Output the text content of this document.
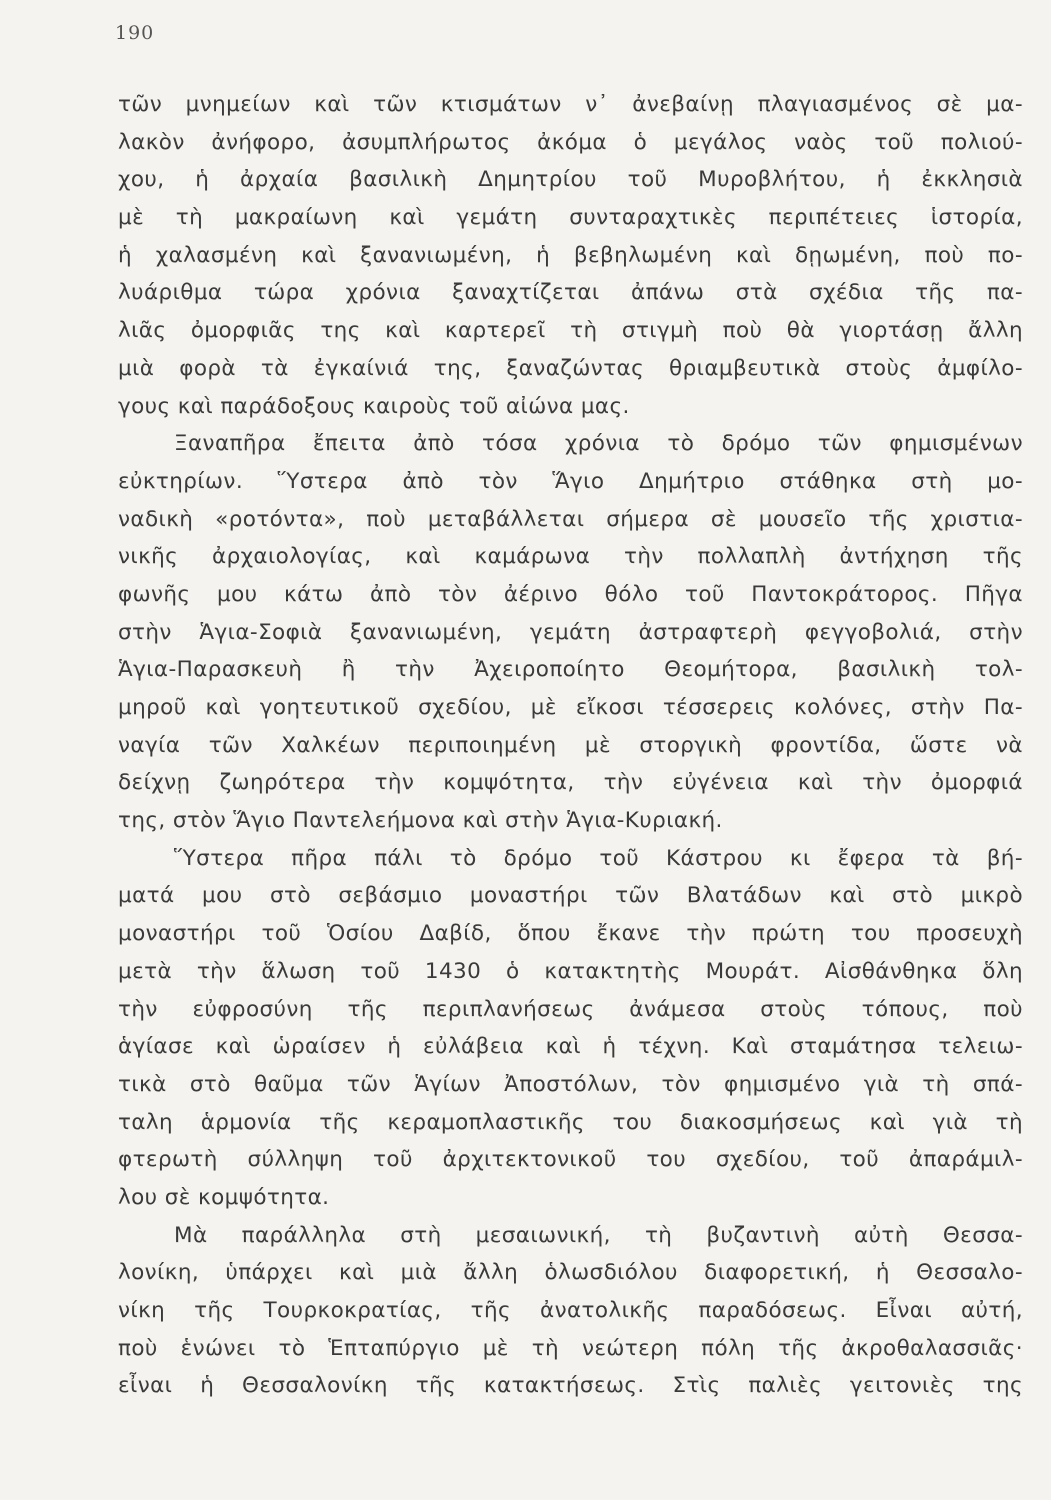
190
τῶν μνημείων καὶ τῶν κτισμάτων ν᾽ ἀνεβαίνῃ πλαγιασμένος σὲ μα-
λακὸν ἀνήφορο, ἀσυμπλήρωτος ἀκόμα ὁ μεγάλος ναὸς τοῦ πολιού-
χου, ἡ ἀρχαία βασιλικὴ Δημητρίου τοῦ Μυροβλήτου, ἡ ἐκκλησιὰ
μὲ τὴ μακραίωνη καὶ γεμάτη συνταραχτικὲς περιπέτειες ἱστορία,
ἡ χαλασμένη καὶ ξανανιωμένη, ἡ βεβηλωμένη καὶ δῃωμένη, ποὺ πο-
λυάριθμα τώρα χρόνια ξαναχτίζεται ἀπάνω στὰ σχέδια τῆς πα-
λιᾶς ὀμορφιᾶς της καὶ καρτερεῖ τὴ στιγμὴ ποὺ θὰ γιορτάσῃ ἄλλη
μιὰ φορὰ τὰ ἐγκαίνιά της, ξαναζώντας θριαμβευτικὰ στοὺς ἀμφίλο-
γους καὶ παράδοξους καιροὺς τοῦ αἰώνα μας.
Ξαναπῆρα ἔπειτα ἀπὸ τόσα χρόνια τὸ δρόμο τῶν φημισμένων
εὐκτηρίων. Ὕστερα ἀπὸ τὸν Ἅγιο Δημήτριο στάθηκα στὴ μο-
ναδικὴ «ροτόντα», ποὺ μεταβάλλεται σήμερα σὲ μουσεῖο τῆς χριστια-
νικῆς ἀρχαιολογίας, καὶ καμάρωνα τὴν πολλαπλὴ ἀντήχηση τῆς
φωνῆς μου κάτω ἀπὸ τὸν ἀέρινο θόλο τοῦ Παντοκράτορος. Πῆγα
στὴν Ἁγια-Σοφιὰ ξανανιωμένη, γεμάτη ἀστραφτερὴ φεγγοβολιά, στὴν
Ἁγια-Παρασκευὴ ἢ τὴν Ἀχειροποίητο Θεομήτορα, βασιλικὴ τολ-
μηροῦ καὶ γοητευτικοῦ σχεδίου, μὲ εἴκοσι τέσσερεις κολόνες, στὴν Πα-
ναγία τῶν Χαλκέων περιποιημένη μὲ στοργικὴ φροντίδα, ὥστε νὰ
δείχνῃ ζωηρότερα τὴν κομψότητα, τὴν εὐγένεια καὶ τὴν ὀμορφιά
της, στὸν Ἅγιο Παντελεήμονα καὶ στὴν Ἁγια-Κυριακή.
Ὕστερα πῆρα πάλι τὸ δρόμο τοῦ Κάστρου κι ἔφερα τὰ βή-
ματά μου στὸ σεβάσμιο μοναστήρι τῶν Βλατάδων καὶ στὸ μικρὸ
μοναστήρι τοῦ Ὁσίου Δαβίδ, ὅπου ἔκανε τὴν πρώτη του προσευχὴ
μετὰ τὴν ἅλωση τοῦ 1430 ὁ κατακτητὴς Μουράτ. Αἰσθάνθηκα ὅλη
τὴν εὐφροσύνη τῆς περιπλανήσεως ἀνάμεσα στοὺς τόπους, ποὺ
ἁγίασε καὶ ὡραίσεν ἡ εὐλάβεια καὶ ἡ τέχνη. Καὶ σταμάτησα τελειω-
τικὰ στὸ θαῦμα τῶν Ἁγίων Ἀποστόλων, τὸν φημισμένο γιὰ τὴ σπά-
ταλη ἁρμονία τῆς κεραμοπλαστικῆς του διακοσμήσεως καὶ γιὰ τὴ
φτερωτὴ σύλληψη τοῦ ἀρχιτεκτονικοῦ του σχεδίου, τοῦ ἀπαράμιλ-
λου σὲ κομψότητα.
Μὰ παράλληλα στὴ μεσαιωνική, τὴ βυζαντινὴ αὐτὴ Θεσσα-
λονίκη, ὑπάρχει καὶ μιὰ ἄλλη ὁλωσδιόλου διαφορετική, ἡ Θεσσαλο-
νίκη τῆς Τουρκοκρατίας, τῆς ἀνατολικῆς παραδόσεως. Εἶναι αὐτή,
ποὺ ἑνώνει τὸ Ἑπταπύργιο μὲ τὴ νεώτερη πόλη τῆς ἀκροθαλασσιᾶς·
εἶναι ἡ Θεσσαλονίκη τῆς κατακτήσεως. Στὶς παλιὲς γειτονιὲς της
